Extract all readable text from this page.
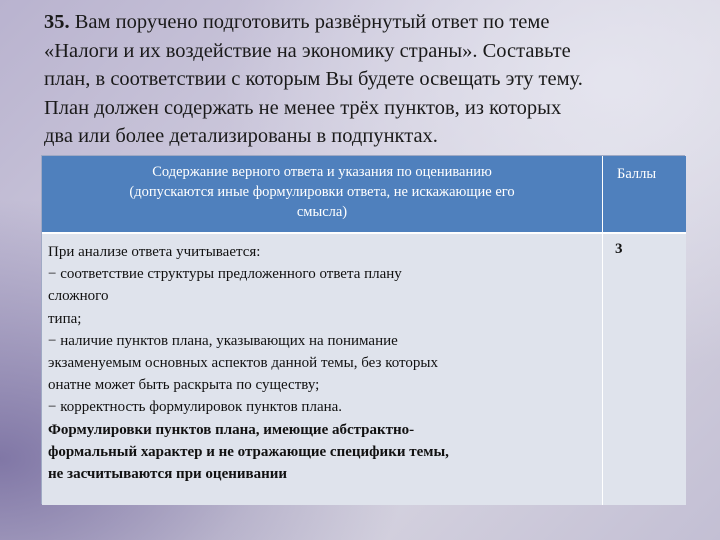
35. Вам поручено подготовить развёрнутый ответ по теме
«Налоги и их воздействие на экономику страны». Составьте
план, в соответствии с которым Вы будете освещать эту тему.
План должен содержать не менее трёх пунктов, из которых
два или более детализированы в подпунктах.
Содержание верного ответа и указания по оцениванию
(допускаются иные формулировки ответа, не искажающие его
смысла)
Баллы
При анализе ответа учитывается:
− соответствие структуры предложенного ответа плану
сложного
типа;
− наличие пунктов плана, указывающих на понимание
экзаменуемым основных аспектов данной темы, без которых
онатне может быть раскрыта по существу;
− корректность формулировок пунктов плана.
Формулировки пунктов плана, имеющие абстрактно-
формальный характер и не отражающие специфики темы,
не засчитываются при оценивании
3
